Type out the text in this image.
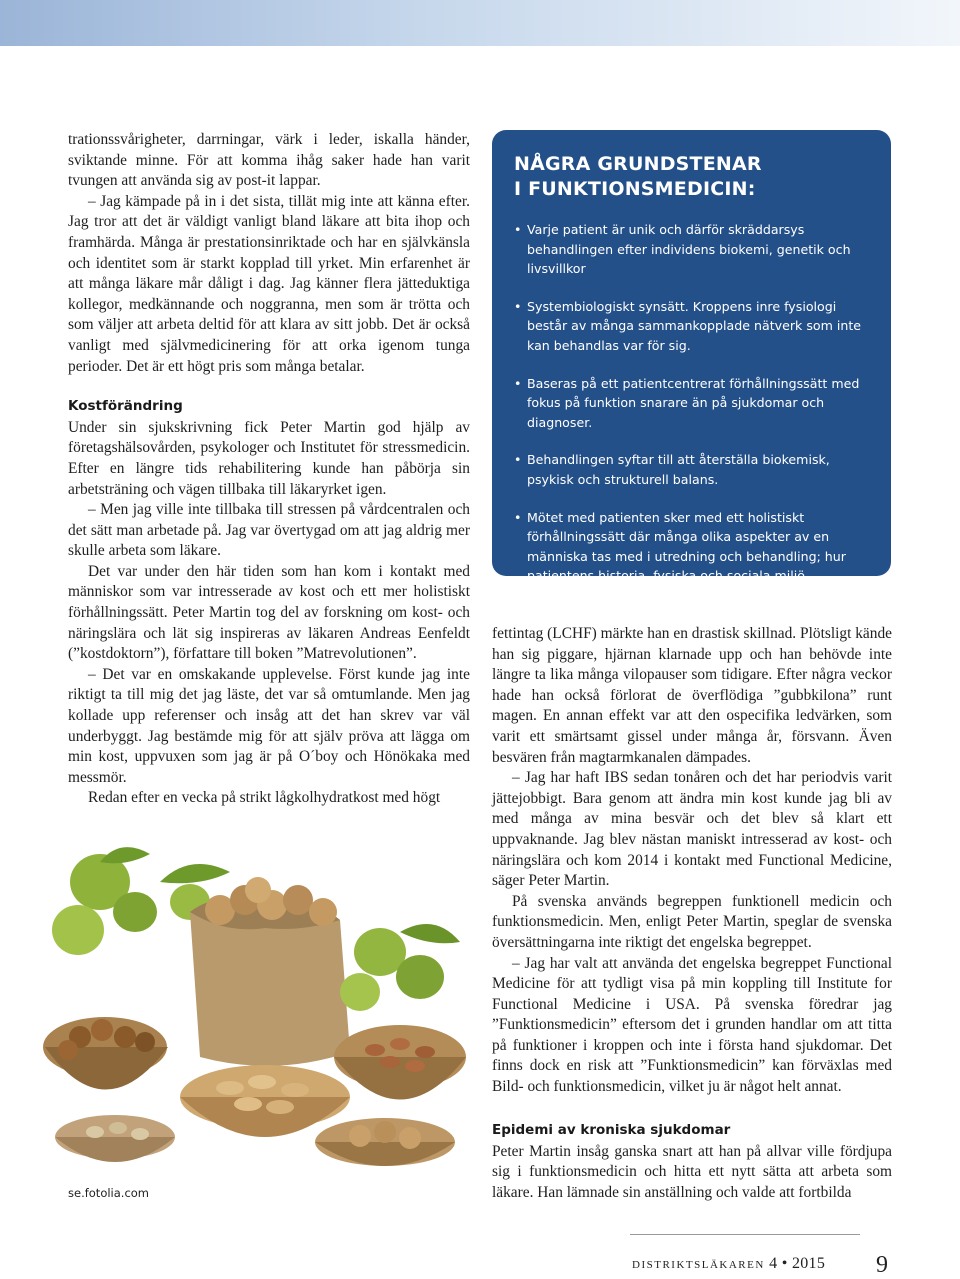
trationssvårigheter, darrningar, värk i leder, iskalla händer, sviktande minne. För att komma ihåg saker hade han varit tvungen att använda sig av post-it lappar.

– Jag kämpade på in i det sista, tillät mig inte att känna efter. Jag tror att det är väldigt vanligt bland läkare att bita ihop och framhärda. Många är prestationsinriktade och har en självkänsla och identitet som är starkt kopplad till yrket. Min erfarenhet är att många läkare mår dåligt i dag. Jag känner flera jätteduktiga kollegor, medkännande och noggranna, men som är trötta och som väljer att arbeta deltid för att klara av sitt jobb. Det är också vanligt med självmedicinering för att orka igenom tunga perioder. Det är ett högt pris som många betalar.

Kostförändring

Under sin sjukskrivning fick Peter Martin god hjälp av företagshälsovården, psykologer och Institutet för stressmedicin. Efter en längre tids rehabilitering kunde han påbörja sin arbetsträning och vägen tillbaka till läkaryrket igen.

– Men jag ville inte tillbaka till stressen på vårdcentralen och det sätt man arbetade på. Jag var övertygad om att jag aldrig mer skulle arbeta som läkare.

Det var under den här tiden som han kom i kontakt med människor som var intresserade av kost och ett mer holistiskt förhållningssätt. Peter Martin tog del av forskning om kost- och näringslära och lät sig inspireras av läkaren Andreas Eenfeldt (”kostdoktorn”), författare till boken ”Matrevolutionen”.

– Det var en omskakande upplevelse. Först kunde jag inte riktigt ta till mig det jag läste, det var så omtumlande. Men jag kollade upp referenser och insåg att det han skrev var väl underbyggt. Jag bestämde mig för att själv pröva att lägga om min kost, uppvuxen som jag är på O´boy och Hönökaka med messmör.

Redan efter en vecka på strikt lågkolhydratkost med högt

NÅGRA GRUNDSTENAR
I FUNKTIONSMEDICIN:
• Varje patient är unik och därför skräddarsys behandlingen efter individens biokemi, genetik och livsvillkor
• Systembiologiskt synsätt. Kroppens inre fysiologi består av många sammankopplade nätverk som inte kan behandlas var för sig.
• Baseras på ett patientcentrerat förhållningssätt med fokus på funktion snarare än på sjukdomar och diagnoser.
• Behandlingen syftar till att återställa biokemisk, psykisk och strukturell balans.
• Mötet med patienten sker med ett holistiskt förhållningssätt där många olika aspekter av en människa tas med i utredning och behandling; hur patientens historia, fysiska och sociala miljö samspelar med genetik, mental- och känslomässig hälsa, näringsstatus, kosthållning och livsstil.

fettintag (LCHF) märkte han en drastisk skillnad. Plötsligt kände han sig piggare, hjärnan klarnade upp och han behövde inte längre ta lika många vilopauser som tidigare. Efter några veckor hade han också förlorat de överflödiga ”gubbkilona” runt magen. En annan effekt var att den ospecifika ledvärken, som varit ett smärtsamt gissel under många år, försvann. Även besvären från magtarmkanalen dämpades.

– Jag har haft IBS sedan tonåren och det har periodvis varit jättejobbigt. Bara genom att ändra min kost kunde jag bli av med många av mina besvär och det blev så klart ett uppvaknande. Jag blev nästan maniskt intresserad av kost- och näringslära och kom 2014 i kontakt med Functional Medicine, säger Peter Martin.

På svenska används begreppen funktionell medicin och funktionsmedicin. Men, enligt Peter Martin, speglar de svenska översättningarna inte riktigt det engelska begreppet.

– Jag har valt att använda det engelska begreppet Functional Medicine för att tydligt visa på min koppling till Institute for Functional Medicine i USA. På svenska föredrar jag ”Funktionsmedicin” eftersom det i grunden handlar om att titta på funktioner i kroppen och inte i första hand sjukdomar. Det finns dock en risk att ”Funktionsmedicin” kan förväxlas med Bild- och funktionsmedicin, vilket ju är något helt annat.

Epidemi av kroniska sjukdomar

Peter Martin insåg ganska snart att han på allvar ville fördjupa sig i funktionsmedicin och hitta ett nytt sätta att arbeta som läkare. Han lämnade sin anställning och valde att fortbilda

se.fotolia.com
distriktsläkaren 4 • 2015 9
